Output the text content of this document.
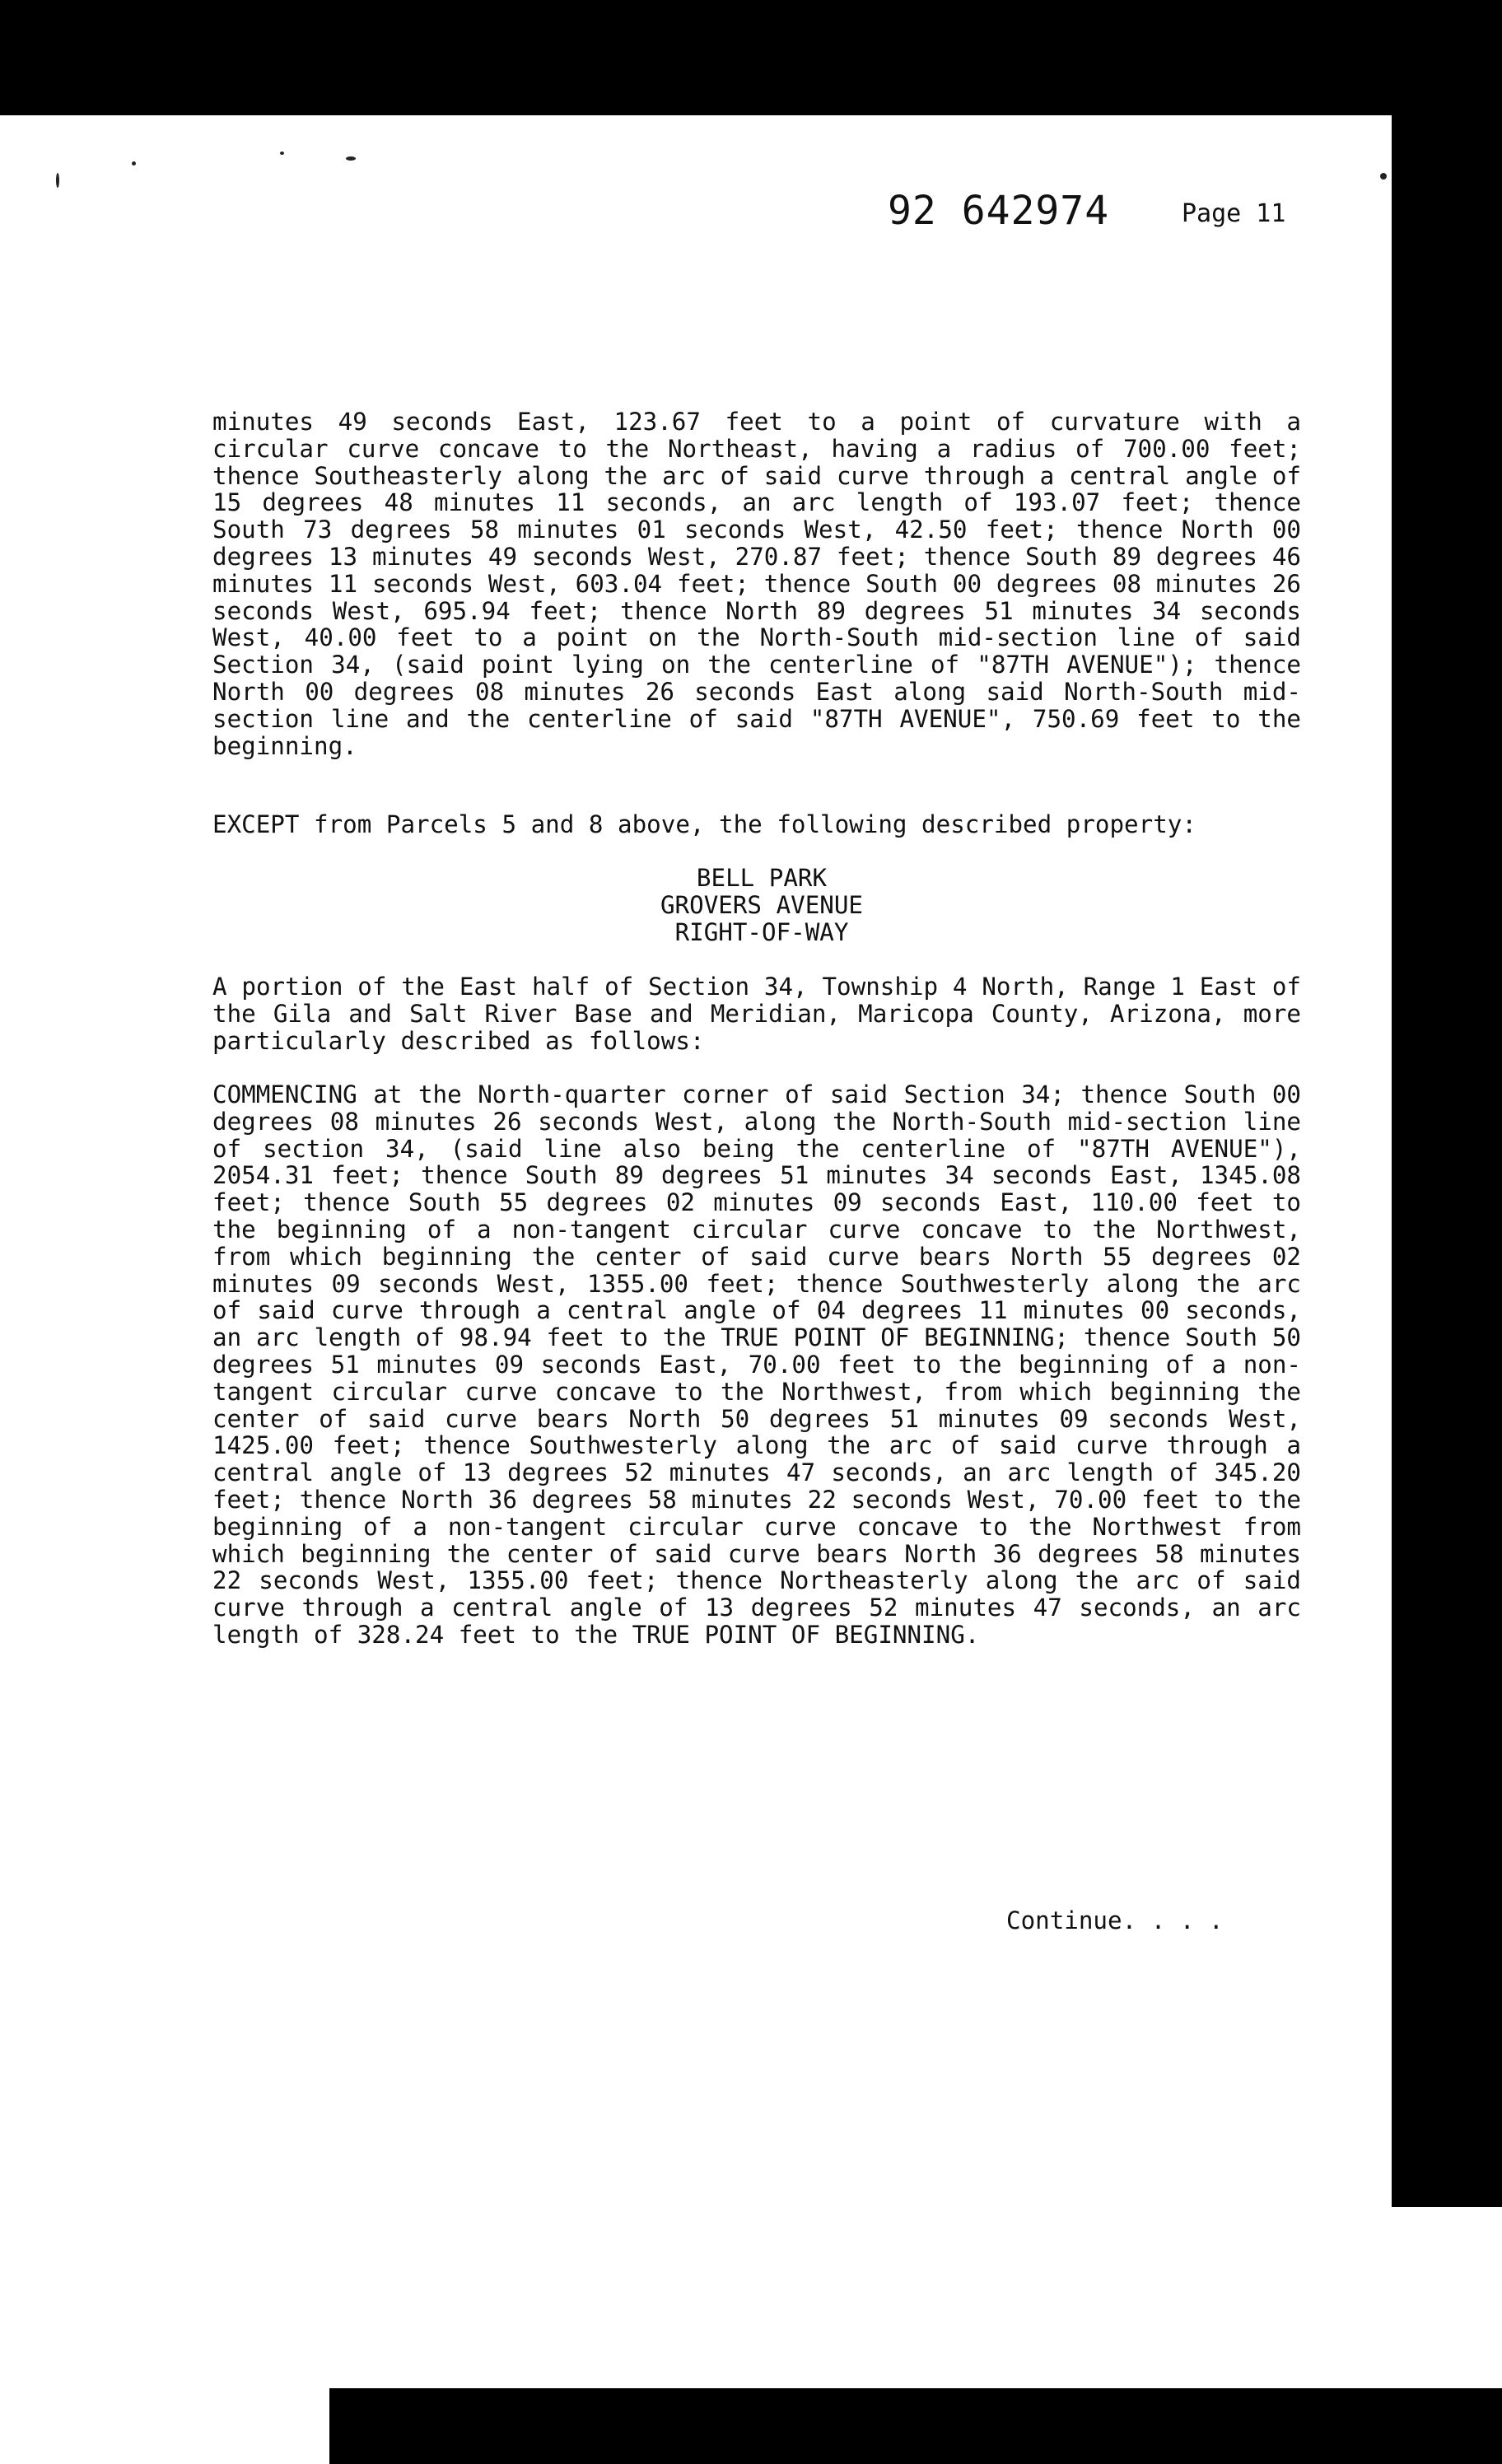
92 642974	Page 11
minutes 49 seconds East, 123.67 feet to a point of curvature with a circular curve concave to the Northeast, having a radius of 700.00 feet; thence Southeasterly along the arc of said curve through a central angle of 15 degrees 48 minutes 11 seconds, an arc length of 193.07 feet; thence South 73 degrees 58 minutes 01 seconds West, 42.50 feet; thence North 00 degrees 13 minutes 49 seconds West, 270.87 feet; thence South 89 degrees 46 minutes 11 seconds West, 603.04 feet; thence South 00 degrees 08 minutes 26 seconds West, 695.94 feet; thence North 89 degrees 51 minutes 34 seconds West, 40.00 feet to a point on the North-South mid-section line of said Section 34, (said point lying on the centerline of "87TH AVENUE"); thence North 00 degrees 08 minutes 26 seconds East along said North-South mid-section line and the centerline of said "87TH AVENUE", 750.69 feet to the beginning.
EXCEPT from Parcels 5 and 8 above, the following described property:
BELL PARK
GROVERS AVENUE
RIGHT-OF-WAY
A portion of the East half of Section 34, Township 4 North, Range 1 East of the Gila and Salt River Base and Meridian, Maricopa County, Arizona, more particularly described as follows:
COMMENCING at the North-quarter corner of said Section 34; thence South 00 degrees 08 minutes 26 seconds West, along the North-South mid-section line of section 34, (said line also being the centerline of "87TH AVENUE"), 2054.31 feet; thence South 89 degrees 51 minutes 34 seconds East, 1345.08 feet; thence South 55 degrees 02 minutes 09 seconds East, 110.00 feet to the beginning of a non-tangent circular curve concave to the Northwest, from which beginning the center of said curve bears North 55 degrees 02 minutes 09 seconds West, 1355.00 feet; thence Southwesterly along the arc of said curve through a central angle of 04 degrees 11 minutes 00 seconds, an arc length of 98.94 feet to the TRUE POINT OF BEGINNING; thence South 50 degrees 51 minutes 09 seconds East, 70.00 feet to the beginning of a non-tangent circular curve concave to the Northwest, from which beginning the center of said curve bears North 50 degrees 51 minutes 09 seconds West, 1425.00 feet; thence Southwesterly along the arc of said curve through a central angle of 13 degrees 52 minutes 47 seconds, an arc length of 345.20 feet; thence North 36 degrees 58 minutes 22 seconds West, 70.00 feet to the beginning of a non-tangent circular curve concave to the Northwest from which beginning the center of said curve bears North 36 degrees 58 minutes 22 seconds West, 1355.00 feet; thence Northeasterly along the arc of said curve through a central angle of 13 degrees 52 minutes 47 seconds, an arc length of 328.24 feet to the TRUE POINT OF BEGINNING.
Continue. . . .
